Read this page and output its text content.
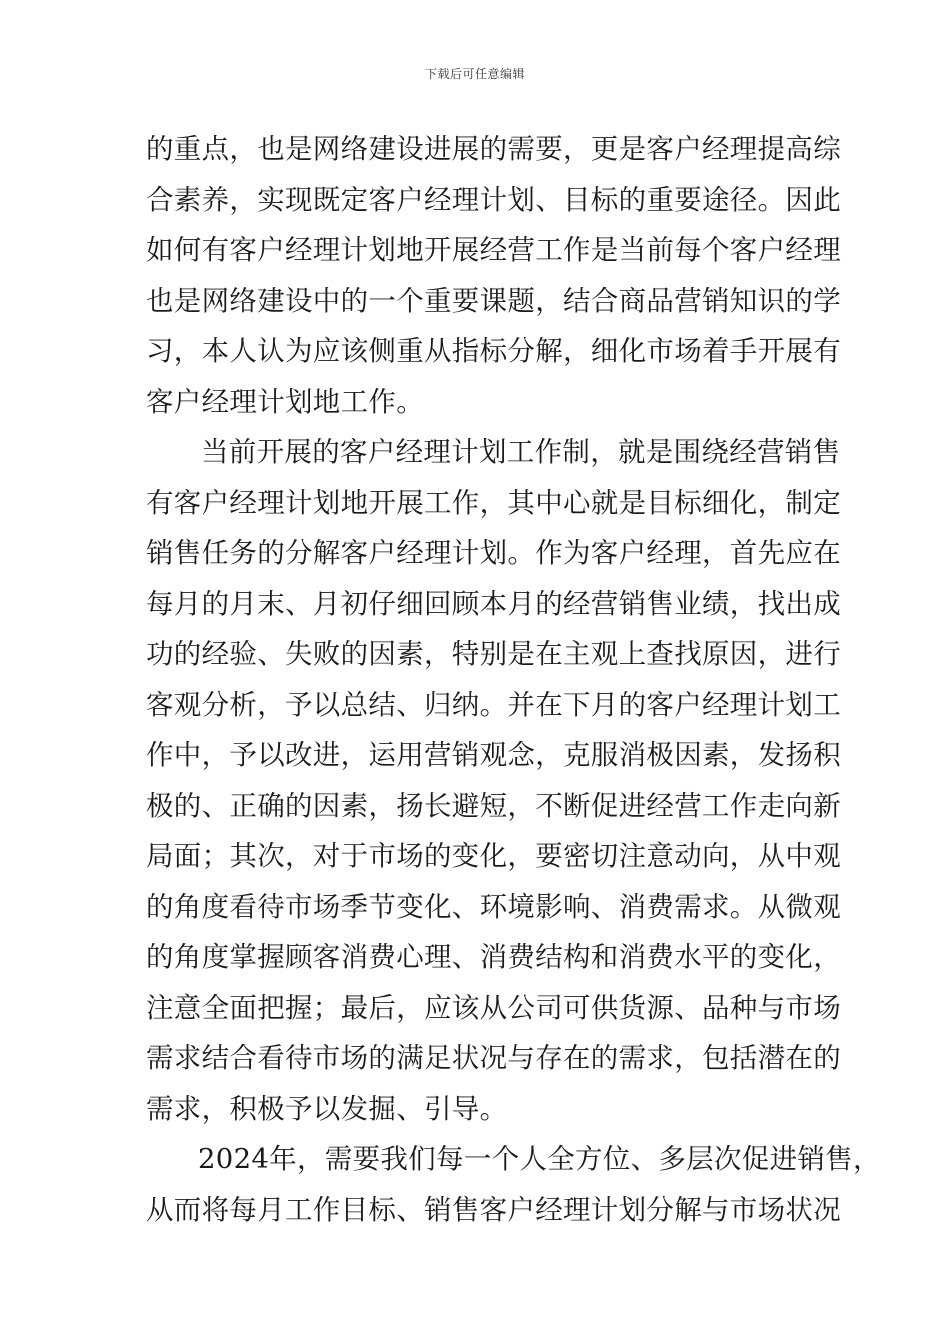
下载后可任意编辑
的重点，也是网络建设进展的需要，更是客户经理提高综
合素养，实现既定客户经理计划、目标的重要途径。因此
如何有客户经理计划地开展经营工作是当前每个客户经理
也是网络建设中的一个重要课题，结合商品营销知识的学
习，本人认为应该侧重从指标分解，细化市场着手开展有
客户经理计划地工作。
当前开展的客户经理计划工作制，就是围绕经营销售
有客户经理计划地开展工作，其中心就是目标细化，制定
销售任务的分解客户经理计划。作为客户经理，首先应在
每月的月末、月初仔细回顾本月的经营销售业绩，找出成
功的经验、失败的因素，特别是在主观上查找原因，进行
客观分析，予以总结、归纳。并在下月的客户经理计划工
作中，予以改进，运用营销观念，克服消极因素，发扬积
极的、正确的因素，扬长避短，不断促进经营工作走向新
局面；其次，对于市场的变化，要密切注意动向，从中观
的角度看待市场季节变化、环境影响、消费需求。从微观
的角度掌握顾客消费心理、消费结构和消费水平的变化，
注意全面把握；最后，应该从公司可供货源、品种与市场
需求结合看待市场的满足状况与存在的需求，包括潜在的
需求，积极予以发掘、引导。
2024年，需要我们每一个人全方位、多层次促进销售，
从而将每月工作目标、销售客户经理计划分解与市场状况
